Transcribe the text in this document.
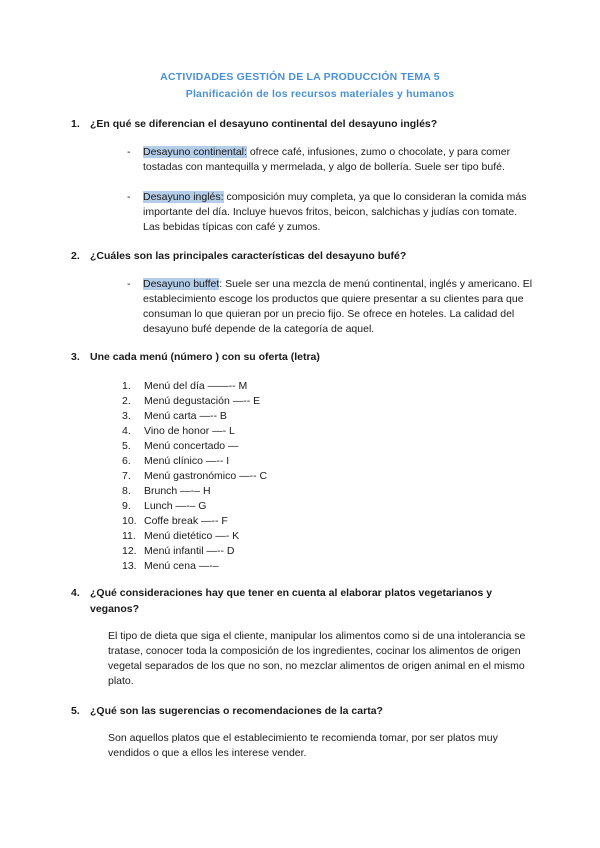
ACTIVIDADES GESTIÓN DE LA PRODUCCIÓN TEMA 5
Planificación de los recursos materiales y humanos
1. ¿En qué se diferencian el desayuno continental del desayuno inglés?
- Desayuno continental: ofrece café, infusiones, zumo o chocolate, y para comer tostadas con mantequilla y mermelada, y algo de bollería. Suele ser tipo bufé.
- Desayuno inglés: composición muy completa, ya que lo consideran la comida más importante del día. Incluye huevos fritos, beicon, salchichas y judías con tomate. Las bebidas típicas con café y zumos.
2. ¿Cuáles son las principales características del desayuno bufé?
- Desayuno buffet: Suele ser una mezcla de menú continental, inglés y americano. El establecimiento escoge los productos que quiere presentar a su clientes para que consuman lo que quieran por un precio fijo. Se ofrece en hoteles. La calidad del desayuno bufé depende de la categoría de aquel.
3. Une cada menú (número ) con su oferta (letra)
1.	Menú del día ——-- M
2.	Menú degustación —-- E
3.	Menú carta —-- B
4.	Vino de honor —- L
5.	Menú concertado —
6.	Menú clínico —-- I
7.	Menú gastronómico —-- C
8.	Brunch —-– H
9.	Lunch —-– G
10. Coffe break —-- F
11. Menú dietético —- K
12. Menú infantil —-- D
13. Menú cena —-–
4. ¿Qué consideraciones hay que tener en cuenta al elaborar platos vegetarianos y veganos?
El tipo de dieta que siga el cliente, manipular los alimentos como si de una intolerancia se tratase, conocer toda la composición de los ingredientes, cocinar los alimentos de origen vegetal separados de los que no son, no mezclar alimentos de origen animal en el mismo plato.
5. ¿Qué son las sugerencias o recomendaciones de la carta?
Son aquellos platos que el establecimiento te recomienda tomar, por ser platos muy vendidos o que a ellos les interese vender.
